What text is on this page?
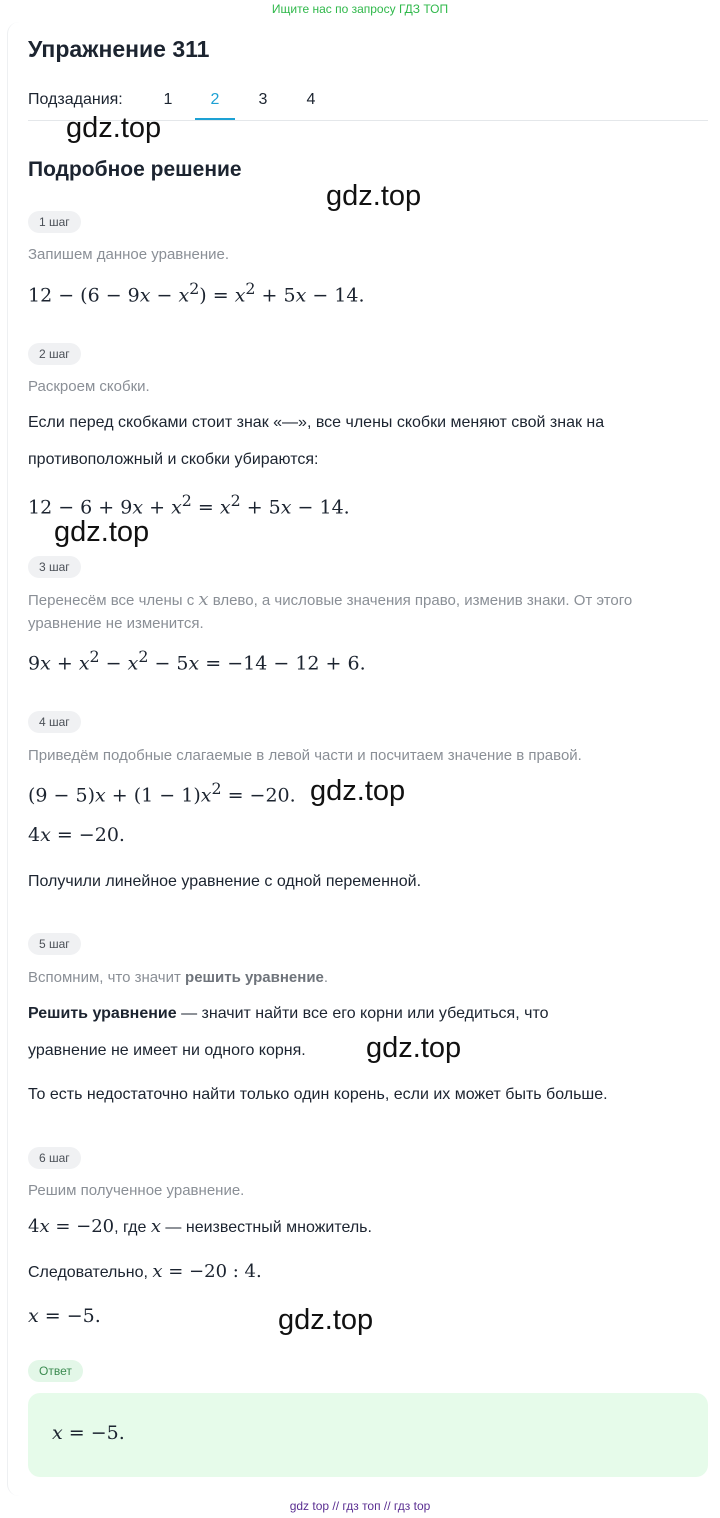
Ищите нас по запросу ГДЗ ТОП
Упражнение 311
Подзадания:	1	2	3	4
gdz.top
Подробное решение
gdz.top
1 шаг
Запишем данное уравнение.
$12 - (6 - 9x - x^2) = x^2 + 5x - 14$.
2 шаг
Раскроем скобки.
Если перед скобками стоит знак «—», все члены скобки меняют свой знак на
противоположный и скобки убираются:
$12 - 6 + 9x + x^2 = x^2 + 5x - 14$.
gdz.top
3 шаг
Перенесём все члены с x влево, а числовые значения право, изменив знаки. От этого
уравнение не изменится.
$9x + x^2 - x^2 - 5x = -14 - 12 + 6$.
4 шаг
Приведём подобные слагаемые в левой части и посчитаем значение в правой.
$(9 - 5)x + (1 - 1)x^2 = -20$. gdz.top
4x = −20.
Получили линейное уравнение с одной переменной.
5 шаг
Вспомним, что значит решить уравнение.
Решить уравнение — значит найти все его корни или убедиться, что
уравнение не имеет ни одного корня. gdz.top
То есть недостаточно найти только один корень, если их может быть больше.
6 шаг
Решим полученное уравнение.
4x = −20, где x — неизвестный множитель.
Следовательно, x = −20 : 4.
x = −5.	gdz.top
Ответ
x = −5.
gdz top // гдз топ // гдз top
